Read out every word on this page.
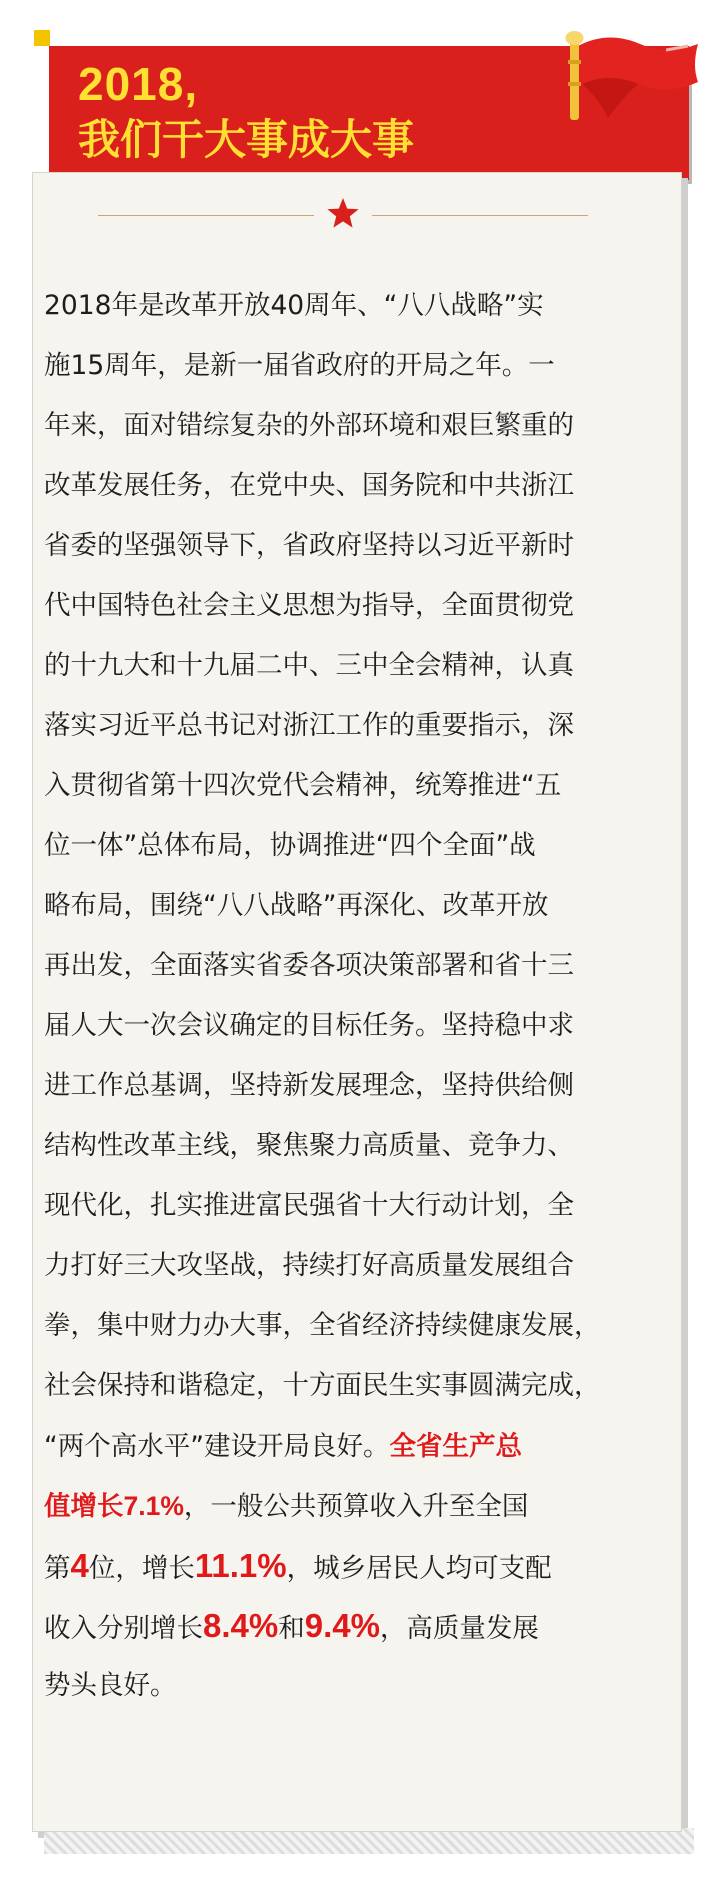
2018,
我们干大事成大事
2018年是改革开放40周年、“八八战略”实
施15周年，是新一届省政府的开局之年。一
年来，面对错综复杂的外部环境和艰巨繁重的
改革发展任务，在党中央、国务院和中共浙江
省委的坚强领导下，省政府坚持以习近平新时
代中国特色社会主义思想为指导，全面贯彻党
的十九大和十九届二中、三中全会精神，认真
落实习近平总书记对浙江工作的重要指示，深
入贯彻省第十四次党代会精神，统筹推进“五
位一体”总体布局，协调推进“四个全面”战
略布局，围绕“八八战略”再深化、改革开放
再出发，全面落实省委各项决策部署和省十三
届人大一次会议确定的目标任务。坚持稳中求
进工作总基调，坚持新发展理念，坚持供给侧
结构性改革主线，聚焦聚力高质量、竞争力、
现代化，扎实推进富民强省十大行动计划，全
力打好三大攻坚战，持续打好高质量发展组合
拳，集中财力办大事，全省经济持续健康发展，
社会保持和谐稳定，十方面民生实事圆满完成，
“两个高水平”建设开局良好。全省生产总
值增长7.1%，一般公共预算收入升至全国
第4位，增长11.1%，城乡居民人均可支配
收入分别增长8.4%和9.4%，高质量发展
势头良好。
